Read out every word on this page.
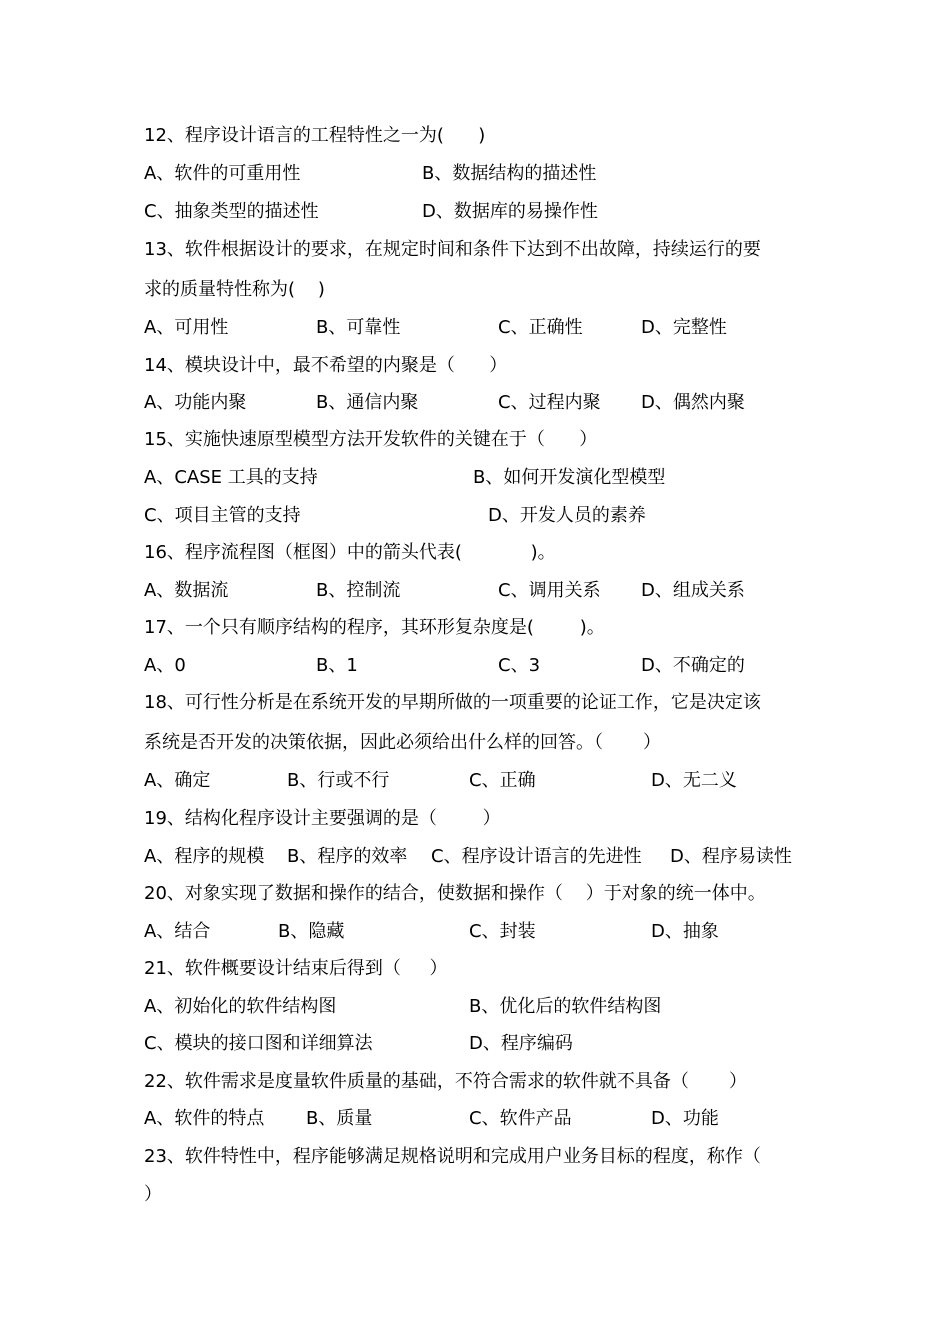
12、程序设计语言的工程特性之一为(      )

A、软件的可重用性

	B、数据结构的描述性

C、抽象类型的描述性

	D、数据库的易操作性

13、软件根据设计的要求，在规定时间和条件下达到不出故障，持续运行的要
求的质量特性称为(    )

A、可用性

	B、可靠性

	C、正确性

	D、完整性

14、模块设计中，最不希望的内聚是（      ）

A、功能内聚

	B、通信内聚

	C、过程内聚

D、偶然内聚

15、实施快速原型模型方法开发软件的关键在于（      ）

A、CASE 工具的支持

	B、如何开发演化型模型

C、项目主管的支持

	D、开发人员的素养

16、程序流程图（框图）中的箭头代表(            )。

A、数据流

	B、控制流

	C、调用关系

D、组成关系

17、一个只有顺序结构的程序，其环形复杂度是(        )。

A、0

	B、1

	C、3

	D、不确定的

18、可行性分析是在系统开发的早期所做的一项重要的论证工作，它是决定该
系统是否开发的决策依据，因此必须给出什么样的回答。（       ）

A、确定

	B、行或不行

	C、正确

	D、无二义

19、结构化程序设计主要强调的是（        ）

A、程序的规模

B、程序的效率

C、程序设计语言的先进性

D、程序易读性

20、对象实现了数据和操作的结合，使数据和操作（    ）于对象的统一体中。

A、结合

	B、隐藏

	C、封装

	D、抽象

21、软件概要设计结束后得到（     ）

A、初始化的软件结构图

	B、优化后的软件结构图

C、模块的接口图和详细算法

	D、程序编码

22、软件需求是度量软件质量的基础，不符合需求的软件就不具备（       ）

A、软件的特点

B、质量

	C、软件产品

	D、功能

23、软件特性中，程序能够满足规格说明和完成用户业务目标的程度，称作（
）
